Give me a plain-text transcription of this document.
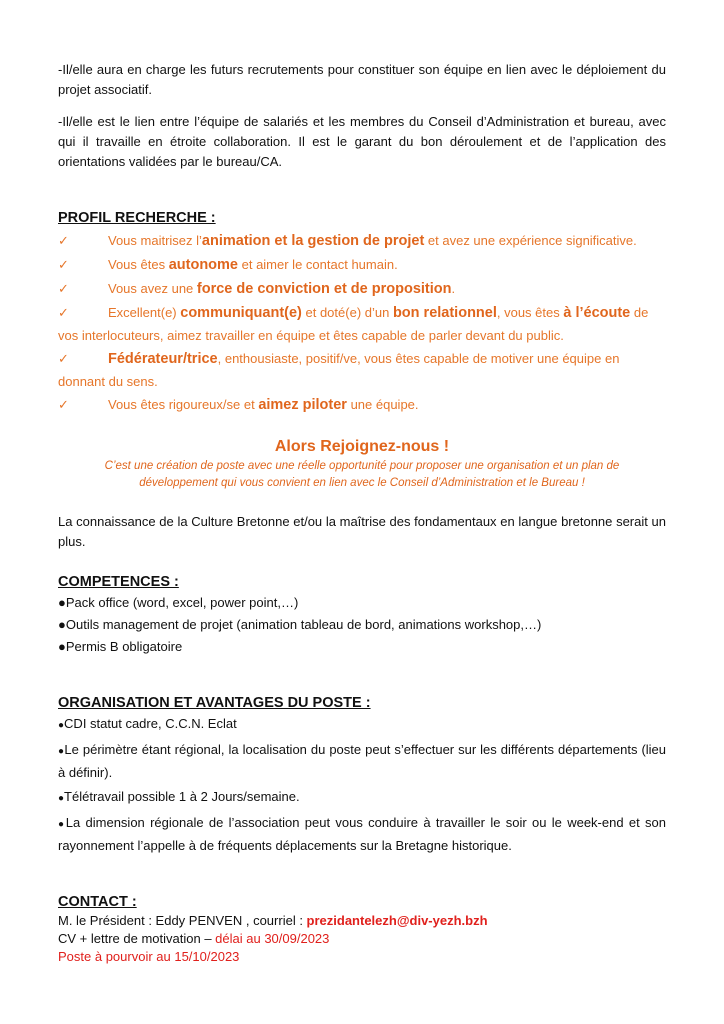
-Il/elle aura en charge les futurs recrutements pour constituer son équipe en lien avec le déploiement du projet associatif.

-Il/elle est le lien entre l’équipe de salariés et les membres du Conseil d’Administration et bureau, avec qui il travaille en étroite collaboration. Il est le garant du bon déroulement et de l’application des orientations validées par le bureau/CA.

PROFIL RECHERCHE :

✓	Vous maitrisez l’animation et la gestion de projet et avez une expérience significative.
✓	Vous êtes autonome et aimer le contact humain.
✓	Vous avez une force de conviction et de proposition.
✓	Excellent(e) communiquant(e) et doté(e) d’un bon relationnel, vous êtes à l’écoute de

vos interlocuteurs, aimez travailler en équipe et êtes capable de parler devant du public.

✓	Fédérateur/trice, enthousiaste, positif/ve, vous êtes capable de motiver une équipe en

donnant du sens.

✓	Vous êtes rigoureux/se et aimez piloter une équipe.

Alors Rejoignez-nous !

C’est une création de poste avec une réelle opportunité pour proposer une organisation et un plan de

développement qui vous convient en lien avec le Conseil d’Administration et le Bureau !

La connaissance de la Culture Bretonne et/ou la maîtrise des fondamentaux en langue bretonne serait un plus.

COMPETENCES :

●Pack office (word, excel, power point,…)

●Outils management de projet (animation tableau de bord, animations workshop,…)

●Permis B obligatoire

ORGANISATION ET AVANTAGES DU POSTE :

●CDI statut cadre, C.C.N. Eclat

●Le périmètre étant régional, la localisation du poste peut s’effectuer sur les différents départements (lieu à définir).

●Télétravail possible 1 à 2 Jours/semaine.

●La dimension régionale de l’association peut vous conduire à travailler le soir ou le week-end et son rayonnement l’appelle à de fréquents déplacements sur la Bretagne historique.

CONTACT :

M. le Président : Eddy PENVEN , courriel : prezidantelezh@div-yezh.bzh

CV + lettre de motivation – délai au 30/09/2023

Poste à pourvoir au 15/10/2023
